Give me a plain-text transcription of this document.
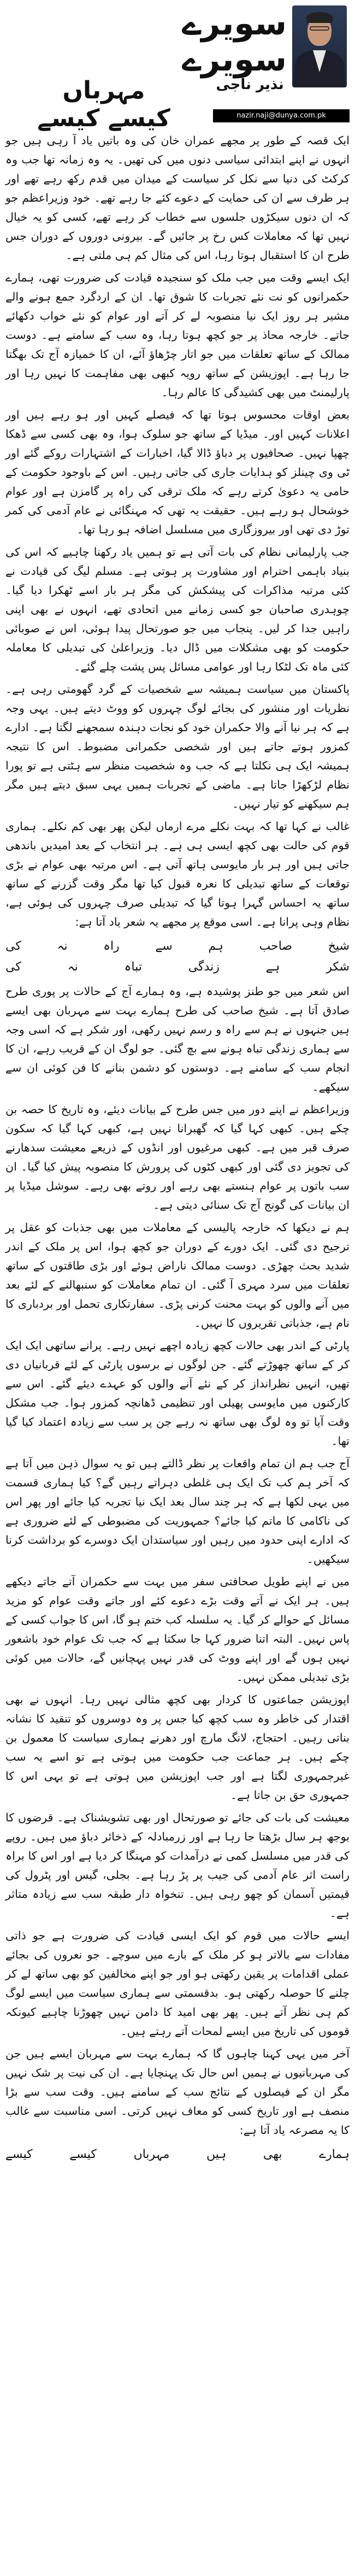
مہرباں کیسے کیسے
سویرے سویرے
نذیر ناجی
nazir.naji@dunya.com.pk

ایک قصہ کے طور پر مجھے عمران خان کی وہ باتیں یاد آ رہی ہیں جو انہوں نے اپنے ابتدائی سیاسی دنوں میں کی تھیں۔ یہ وہ زمانہ تھا جب وہ کرکٹ کی دنیا سے نکل کر سیاست کے میدان میں قدم رکھ رہے تھے اور ہر طرف سے ان کی حمایت کے دعوے کئے جا رہے تھے۔ خود وزیراعظم جو کہ ان دنوں سیکڑوں جلسوں سے خطاب کر رہے تھے، کسی کو یہ خیال نہیں تھا کہ معاملات کس رخ پر جائیں گے۔ بیرونی دوروں کے دوران جس طرح ان کا استقبال ہوتا رہا، اس کی مثال کم ہی ملتی ہے۔

ایک ایسے وقت میں جب ملک کو سنجیدہ قیادت کی ضرورت تھی، ہمارے حکمرانوں کو نت نئے تجربات کا شوق تھا۔ ان کے اردگرد جمع ہونے والے مشیر ہر روز ایک نیا منصوبہ لے کر آتے اور عوام کو نئے خواب دکھائے جاتے۔ خارجہ محاذ پر جو کچھ ہوتا رہا، وہ سب کے سامنے ہے۔ دوست ممالک کے ساتھ تعلقات میں جو اتار چڑھاؤ آئے، ان کا خمیازہ آج تک بھگتا جا رہا ہے۔ اپوزیشن کے ساتھ رویہ کبھی بھی مفاہمت کا نہیں رہا اور پارلیمنٹ میں بھی کشیدگی کا عالم رہا۔

بعض اوقات محسوس ہوتا تھا کہ فیصلے کہیں اور ہو رہے ہیں اور اعلانات کہیں اور۔ میڈیا کے ساتھ جو سلوک ہوا، وہ بھی کسی سے ڈھکا چھپا نہیں۔ صحافیوں پر دباؤ ڈالا گیا، اخبارات کے اشتہارات روکے گئے اور ٹی وی چینلز کو ہدایات جاری کی جاتی رہیں۔ اس کے باوجود حکومت کے حامی یہ دعویٰ کرتے رہے کہ ملک ترقی کی راہ پر گامزن ہے اور عوام خوشحال ہو رہے ہیں۔ حقیقت یہ تھی کہ مہنگائی نے عام آدمی کی کمر توڑ دی تھی اور بیروزگاری میں مسلسل اضافہ ہو رہا تھا۔

جب پارلیمانی نظام کی بات آتی ہے تو ہمیں یاد رکھنا چاہیے کہ اس کی بنیاد باہمی احترام اور مشاورت پر ہوتی ہے۔ مسلم لیگ کی قیادت نے کئی مرتبہ مذاکرات کی پیشکش کی مگر ہر بار اسے ٹھکرا دیا گیا۔ چوہدری صاحبان جو کسی زمانے میں اتحادی تھے، انہوں نے بھی اپنی راہیں جدا کر لیں۔ پنجاب میں جو صورتحال پیدا ہوئی، اس نے صوبائی حکومت کو بھی مشکلات میں ڈال دیا۔ وزیراعلیٰ کی تبدیلی کا معاملہ کئی ماہ تک لٹکا رہا اور عوامی مسائل پس پشت چلے گئے۔

پاکستان میں سیاست ہمیشہ سے شخصیات کے گرد گھومتی رہی ہے۔ نظریات اور منشور کی بجائے لوگ چہروں کو ووٹ دیتے ہیں۔ یہی وجہ ہے کہ ہر نیا آنے والا حکمران خود کو نجات دہندہ سمجھنے لگتا ہے۔ ادارے کمزور ہوتے جاتے ہیں اور شخصی حکمرانی مضبوط۔ اس کا نتیجہ ہمیشہ ایک ہی نکلتا ہے کہ جب وہ شخصیت منظر سے ہٹتی ہے تو پورا نظام لڑکھڑا جاتا ہے۔ ماضی کے تجربات ہمیں یہی سبق دیتے ہیں مگر ہم سیکھنے کو تیار نہیں۔

غالب نے کہا تھا کہ بہت نکلے مرے ارماں لیکن پھر بھی کم نکلے۔ ہماری قوم کی حالت بھی کچھ ایسی ہی ہے۔ ہر انتخاب کے بعد امیدیں باندھی جاتی ہیں اور ہر بار مایوسی ہاتھ آتی ہے۔ اس مرتبہ بھی عوام نے بڑی توقعات کے ساتھ تبدیلی کا نعرہ قبول کیا تھا مگر وقت گزرنے کے ساتھ ساتھ یہ احساس گہرا ہوتا گیا کہ تبدیلی صرف چہروں کی ہوئی ہے، نظام وہی پرانا ہے۔ اسی موقع پر مجھے یہ شعر یاد آتا ہے:

شیخ
صاحب
ہم
سے
راہ
نہ
کی
شکر
ہے
زندگی
تباہ
نہ
کی

اس شعر میں جو طنز پوشیدہ ہے، وہ ہمارے آج کے حالات پر پوری طرح صادق آتا ہے۔ شیخ صاحب کی طرح ہمارے بہت سے مہربان بھی ایسے ہیں جنہوں نے ہم سے راہ و رسم نہیں رکھی، اور شکر ہے کہ اسی وجہ سے ہماری زندگی تباہ ہونے سے بچ گئی۔ جو لوگ ان کے قریب رہے، ان کا انجام سب کے سامنے ہے۔ دوستوں کو دشمن بنانے کا فن کوئی ان سے سیکھے۔

وزیراعظم نے اپنے دور میں جس طرح کے بیانات دیئے، وہ تاریخ کا حصہ بن چکے ہیں۔ کبھی کہا گیا کہ گھبرانا نہیں ہے، کبھی کہا گیا کہ سکون صرف قبر میں ہے۔ کبھی مرغیوں اور انڈوں کے ذریعے معیشت سدھارنے کی تجویز دی گئی اور کبھی کٹوں کی پرورش کا منصوبہ پیش کیا گیا۔ ان سب باتوں پر عوام ہنستے بھی رہے اور روتے بھی رہے۔ سوشل میڈیا پر ان بیانات کی گونج آج تک سنائی دیتی ہے۔

ہم نے دیکھا کہ خارجہ پالیسی کے معاملات میں بھی جذبات کو عقل پر ترجیح دی گئی۔ ایک دورے کے دوران جو کچھ ہوا، اس پر ملک کے اندر شدید بحث چھڑی۔ دوست ممالک ناراض ہوئے اور بڑی طاقتوں کے ساتھ تعلقات میں سرد مہری آ گئی۔ ان تمام معاملات کو سنبھالنے کے لئے بعد میں آنے والوں کو بہت محنت کرنی پڑی۔ سفارتکاری تحمل اور بردباری کا نام ہے، جذباتی تقریروں کا نہیں۔

پارٹی کے اندر بھی حالات کچھ زیادہ اچھے نہیں رہے۔ پرانے ساتھی ایک ایک کر کے ساتھ چھوڑتے گئے۔ جن لوگوں نے برسوں پارٹی کے لئے قربانیاں دی تھیں، انہیں نظرانداز کر کے نئے آنے والوں کو عہدے دیئے گئے۔ اس سے کارکنوں میں مایوسی پھیلی اور تنظیمی ڈھانچہ کمزور ہوا۔ جب مشکل وقت آیا تو وہ لوگ بھی ساتھ نہ رہے جن پر سب سے زیادہ اعتماد کیا گیا تھا۔

آج جب ہم ان تمام واقعات پر نظر ڈالتے ہیں تو یہ سوال ذہن میں آتا ہے کہ آخر ہم کب تک ایک ہی غلطی دہراتے رہیں گے؟ کیا ہماری قسمت میں یہی لکھا ہے کہ ہر چند سال بعد ایک نیا تجربہ کیا جائے اور پھر اس کی ناکامی کا ماتم کیا جائے؟ جمہوریت کی مضبوطی کے لئے ضروری ہے کہ ادارے اپنی حدود میں رہیں اور سیاستدان ایک دوسرے کو برداشت کرنا سیکھیں۔

میں نے اپنے طویل صحافتی سفر میں بہت سے حکمران آتے جاتے دیکھے ہیں۔ ہر ایک نے آتے وقت بڑے دعوے کئے اور جاتے وقت عوام کو مزید مسائل کے حوالے کر گیا۔ یہ سلسلہ کب ختم ہو گا، اس کا جواب کسی کے پاس نہیں۔ البتہ اتنا ضرور کہا جا سکتا ہے کہ جب تک عوام خود باشعور نہیں ہوں گے اور اپنے ووٹ کی قدر نہیں پہچانیں گے، حالات میں کوئی بڑی تبدیلی ممکن نہیں۔

اپوزیشن جماعتوں کا کردار بھی کچھ مثالی نہیں رہا۔ انہوں نے بھی اقتدار کی خاطر وہ سب کچھ کیا جس پر وہ دوسروں کو تنقید کا نشانہ بناتی رہیں۔ احتجاج، لانگ مارچ اور دھرنے ہماری سیاست کا معمول بن چکے ہیں۔ ہر جماعت جب حکومت میں ہوتی ہے تو اسے یہ سب غیرجمہوری لگتا ہے اور جب اپوزیشن میں ہوتی ہے تو یہی اس کا جمہوری حق بن جاتا ہے۔

معیشت کی بات کی جائے تو صورتحال اور بھی تشویشناک ہے۔ قرضوں کا بوجھ ہر سال بڑھتا جا رہا ہے اور زرمبادلہ کے ذخائر دباؤ میں ہیں۔ روپے کی قدر میں مسلسل کمی نے درآمدات کو مہنگا کر دیا ہے اور اس کا براہ راست اثر عام آدمی کی جیب پر پڑ رہا ہے۔ بجلی، گیس اور پٹرول کی قیمتیں آسمان کو چھو رہی ہیں۔ تنخواہ دار طبقہ سب سے زیادہ متاثر ہے۔

ایسے حالات میں قوم کو ایک ایسی قیادت کی ضرورت ہے جو ذاتی مفادات سے بالاتر ہو کر ملک کے بارے میں سوچے۔ جو نعروں کی بجائے عملی اقدامات پر یقین رکھتی ہو اور جو اپنے مخالفین کو بھی ساتھ لے کر چلنے کا حوصلہ رکھتی ہو۔ بدقسمتی سے ہماری سیاست میں ایسے لوگ کم ہی نظر آتے ہیں۔ پھر بھی امید کا دامن نہیں چھوڑنا چاہیے کیونکہ قوموں کی تاریخ میں ایسے لمحات آتے رہتے ہیں۔

آخر میں یہی کہنا چاہوں گا کہ ہمارے بہت سے مہربان ایسے ہیں جن کی مہربانیوں نے ہمیں اس حال تک پہنچایا ہے۔ ان کی نیت پر شک نہیں مگر ان کے فیصلوں کے نتائج سب کے سامنے ہیں۔ وقت سب سے بڑا منصف ہے اور تاریخ کسی کو معاف نہیں کرتی۔ اسی مناسبت سے غالب کا یہ مصرعہ یاد آتا ہے:

ہمارے
بھی
ہیں
مہرباں
کیسے
کیسے
